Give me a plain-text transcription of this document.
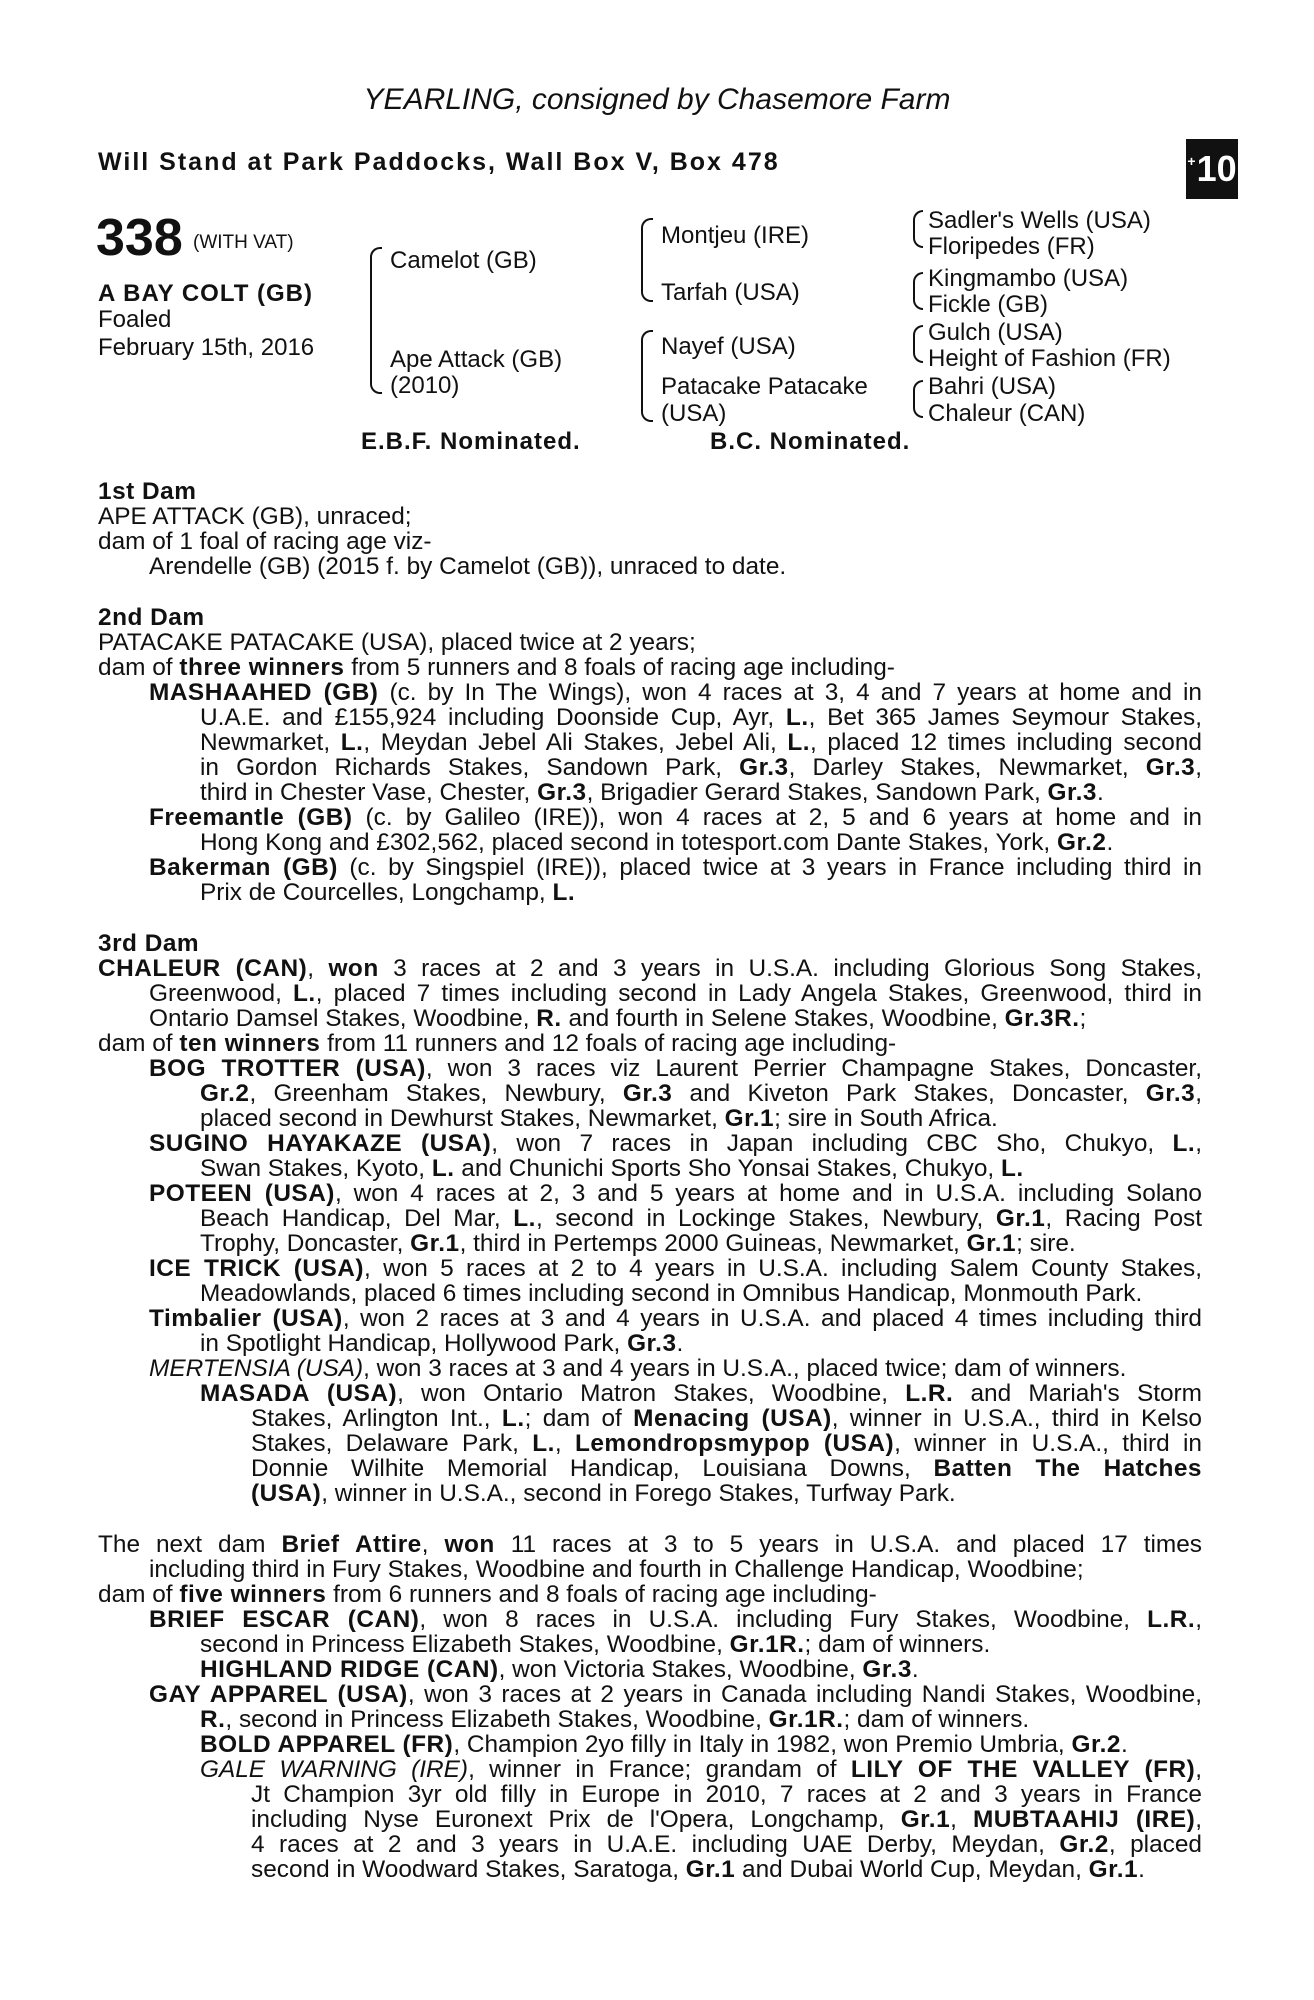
YEARLING, consigned by Chasemore Farm
Will Stand at Park Paddocks, Wall Box V, Box 478	+ 10
338 (WITH VAT)
A BAY COLT (GB)
Foaled
February 15th, 2016
Camelot (GB)
Ape Attack (GB)
(2010)
Montjeu (IRE)
Tarfah (USA)
Nayef (USA)
Patacake Patacake
(USA)
Sadler's Wells (USA)
Floripedes (FR)
Kingmambo (USA)
Fickle (GB)
Gulch (USA)
Height of Fashion (FR)
Bahri (USA)
Chaleur (CAN)
E.B.F. Nominated.	B.C. Nominated.
1st Dam
APE ATTACK (GB), unraced;
dam of 1 foal of racing age viz-
Arendelle (GB) (2015 f. by Camelot (GB)), unraced to date.
2nd Dam
PATACAKE PATACAKE (USA), placed twice at 2 years;
dam of three winners from 5 runners and 8 foals of racing age including-
MASHAAHED (GB) (c. by In The Wings), won 4 races at 3, 4 and 7 years at home and in
U.A.E. and £155,924 including Doonside Cup, Ayr, L., Bet 365 James Seymour Stakes,
Newmarket, L., Meydan Jebel Ali Stakes, Jebel Ali, L., placed 12 times including second
in Gordon Richards Stakes, Sandown Park, Gr.3, Darley Stakes, Newmarket, Gr.3,
third in Chester Vase, Chester, Gr.3, Brigadier Gerard Stakes, Sandown Park, Gr.3.
Freemantle (GB) (c. by Galileo (IRE)), won 4 races at 2, 5 and 6 years at home and in
Hong Kong and £302,562, placed second in totesport.com Dante Stakes, York, Gr.2.
Bakerman (GB) (c. by Singspiel (IRE)), placed twice at 3 years in France including third in
Prix de Courcelles, Longchamp, L.
3rd Dam
CHALEUR (CAN), won 3 races at 2 and 3 years in U.S.A. including Glorious Song Stakes,
Greenwood, L., placed 7 times including second in Lady Angela Stakes, Greenwood, third in
Ontario Damsel Stakes, Woodbine, R. and fourth in Selene Stakes, Woodbine, Gr.3R.;
dam of ten winners from 11 runners and 12 foals of racing age including-
BOG TROTTER (USA), won 3 races viz Laurent Perrier Champagne Stakes, Doncaster,
Gr.2, Greenham Stakes, Newbury, Gr.3 and Kiveton Park Stakes, Doncaster, Gr.3,
placed second in Dewhurst Stakes, Newmarket, Gr.1; sire in South Africa.
SUGINO HAYAKAZE (USA), won 7 races in Japan including CBC Sho, Chukyo, L.,
Swan Stakes, Kyoto, L. and Chunichi Sports Sho Yonsai Stakes, Chukyo, L.
POTEEN (USA), won 4 races at 2, 3 and 5 years at home and in U.S.A. including Solano
Beach Handicap, Del Mar, L., second in Lockinge Stakes, Newbury, Gr.1, Racing Post
Trophy, Doncaster, Gr.1, third in Pertemps 2000 Guineas, Newmarket, Gr.1; sire.
ICE TRICK (USA), won 5 races at 2 to 4 years in U.S.A. including Salem County Stakes,
Meadowlands, placed 6 times including second in Omnibus Handicap, Monmouth Park.
Timbalier (USA), won 2 races at 3 and 4 years in U.S.A. and placed 4 times including third
in Spotlight Handicap, Hollywood Park, Gr.3.
MERTENSIA (USA), won 3 races at 3 and 4 years in U.S.A., placed twice; dam of winners.
MASADA (USA), won Ontario Matron Stakes, Woodbine, L.R. and Mariah's Storm
Stakes, Arlington Int., L.; dam of Menacing (USA), winner in U.S.A., third in Kelso
Stakes, Delaware Park, L., Lemondropsmypop (USA), winner in U.S.A., third in
Donnie Wilhite Memorial Handicap, Louisiana Downs, Batten The Hatches
(USA), winner in U.S.A., second in Forego Stakes, Turfway Park.
The next dam Brief Attire, won 11 races at 3 to 5 years in U.S.A. and placed 17 times
including third in Fury Stakes, Woodbine and fourth in Challenge Handicap, Woodbine;
dam of five winners from 6 runners and 8 foals of racing age including-
BRIEF ESCAR (CAN), won 8 races in U.S.A. including Fury Stakes, Woodbine, L.R.,
second in Princess Elizabeth Stakes, Woodbine, Gr.1R.; dam of winners.
HIGHLAND RIDGE (CAN), won Victoria Stakes, Woodbine, Gr.3.
GAY APPAREL (USA), won 3 races at 2 years in Canada including Nandi Stakes, Woodbine,
R., second in Princess Elizabeth Stakes, Woodbine, Gr.1R.; dam of winners.
BOLD APPAREL (FR), Champion 2yo filly in Italy in 1982, won Premio Umbria, Gr.2.
GALE WARNING (IRE), winner in France; grandam of LILY OF THE VALLEY (FR),
Jt Champion 3yr old filly in Europe in 2010, 7 races at 2 and 3 years in France
including Nyse Euronext Prix de l'Opera, Longchamp, Gr.1, MUBTAAHIJ (IRE),
4 races at 2 and 3 years in U.A.E. including UAE Derby, Meydan, Gr.2, placed
second in Woodward Stakes, Saratoga, Gr.1 and Dubai World Cup, Meydan, Gr.1.
